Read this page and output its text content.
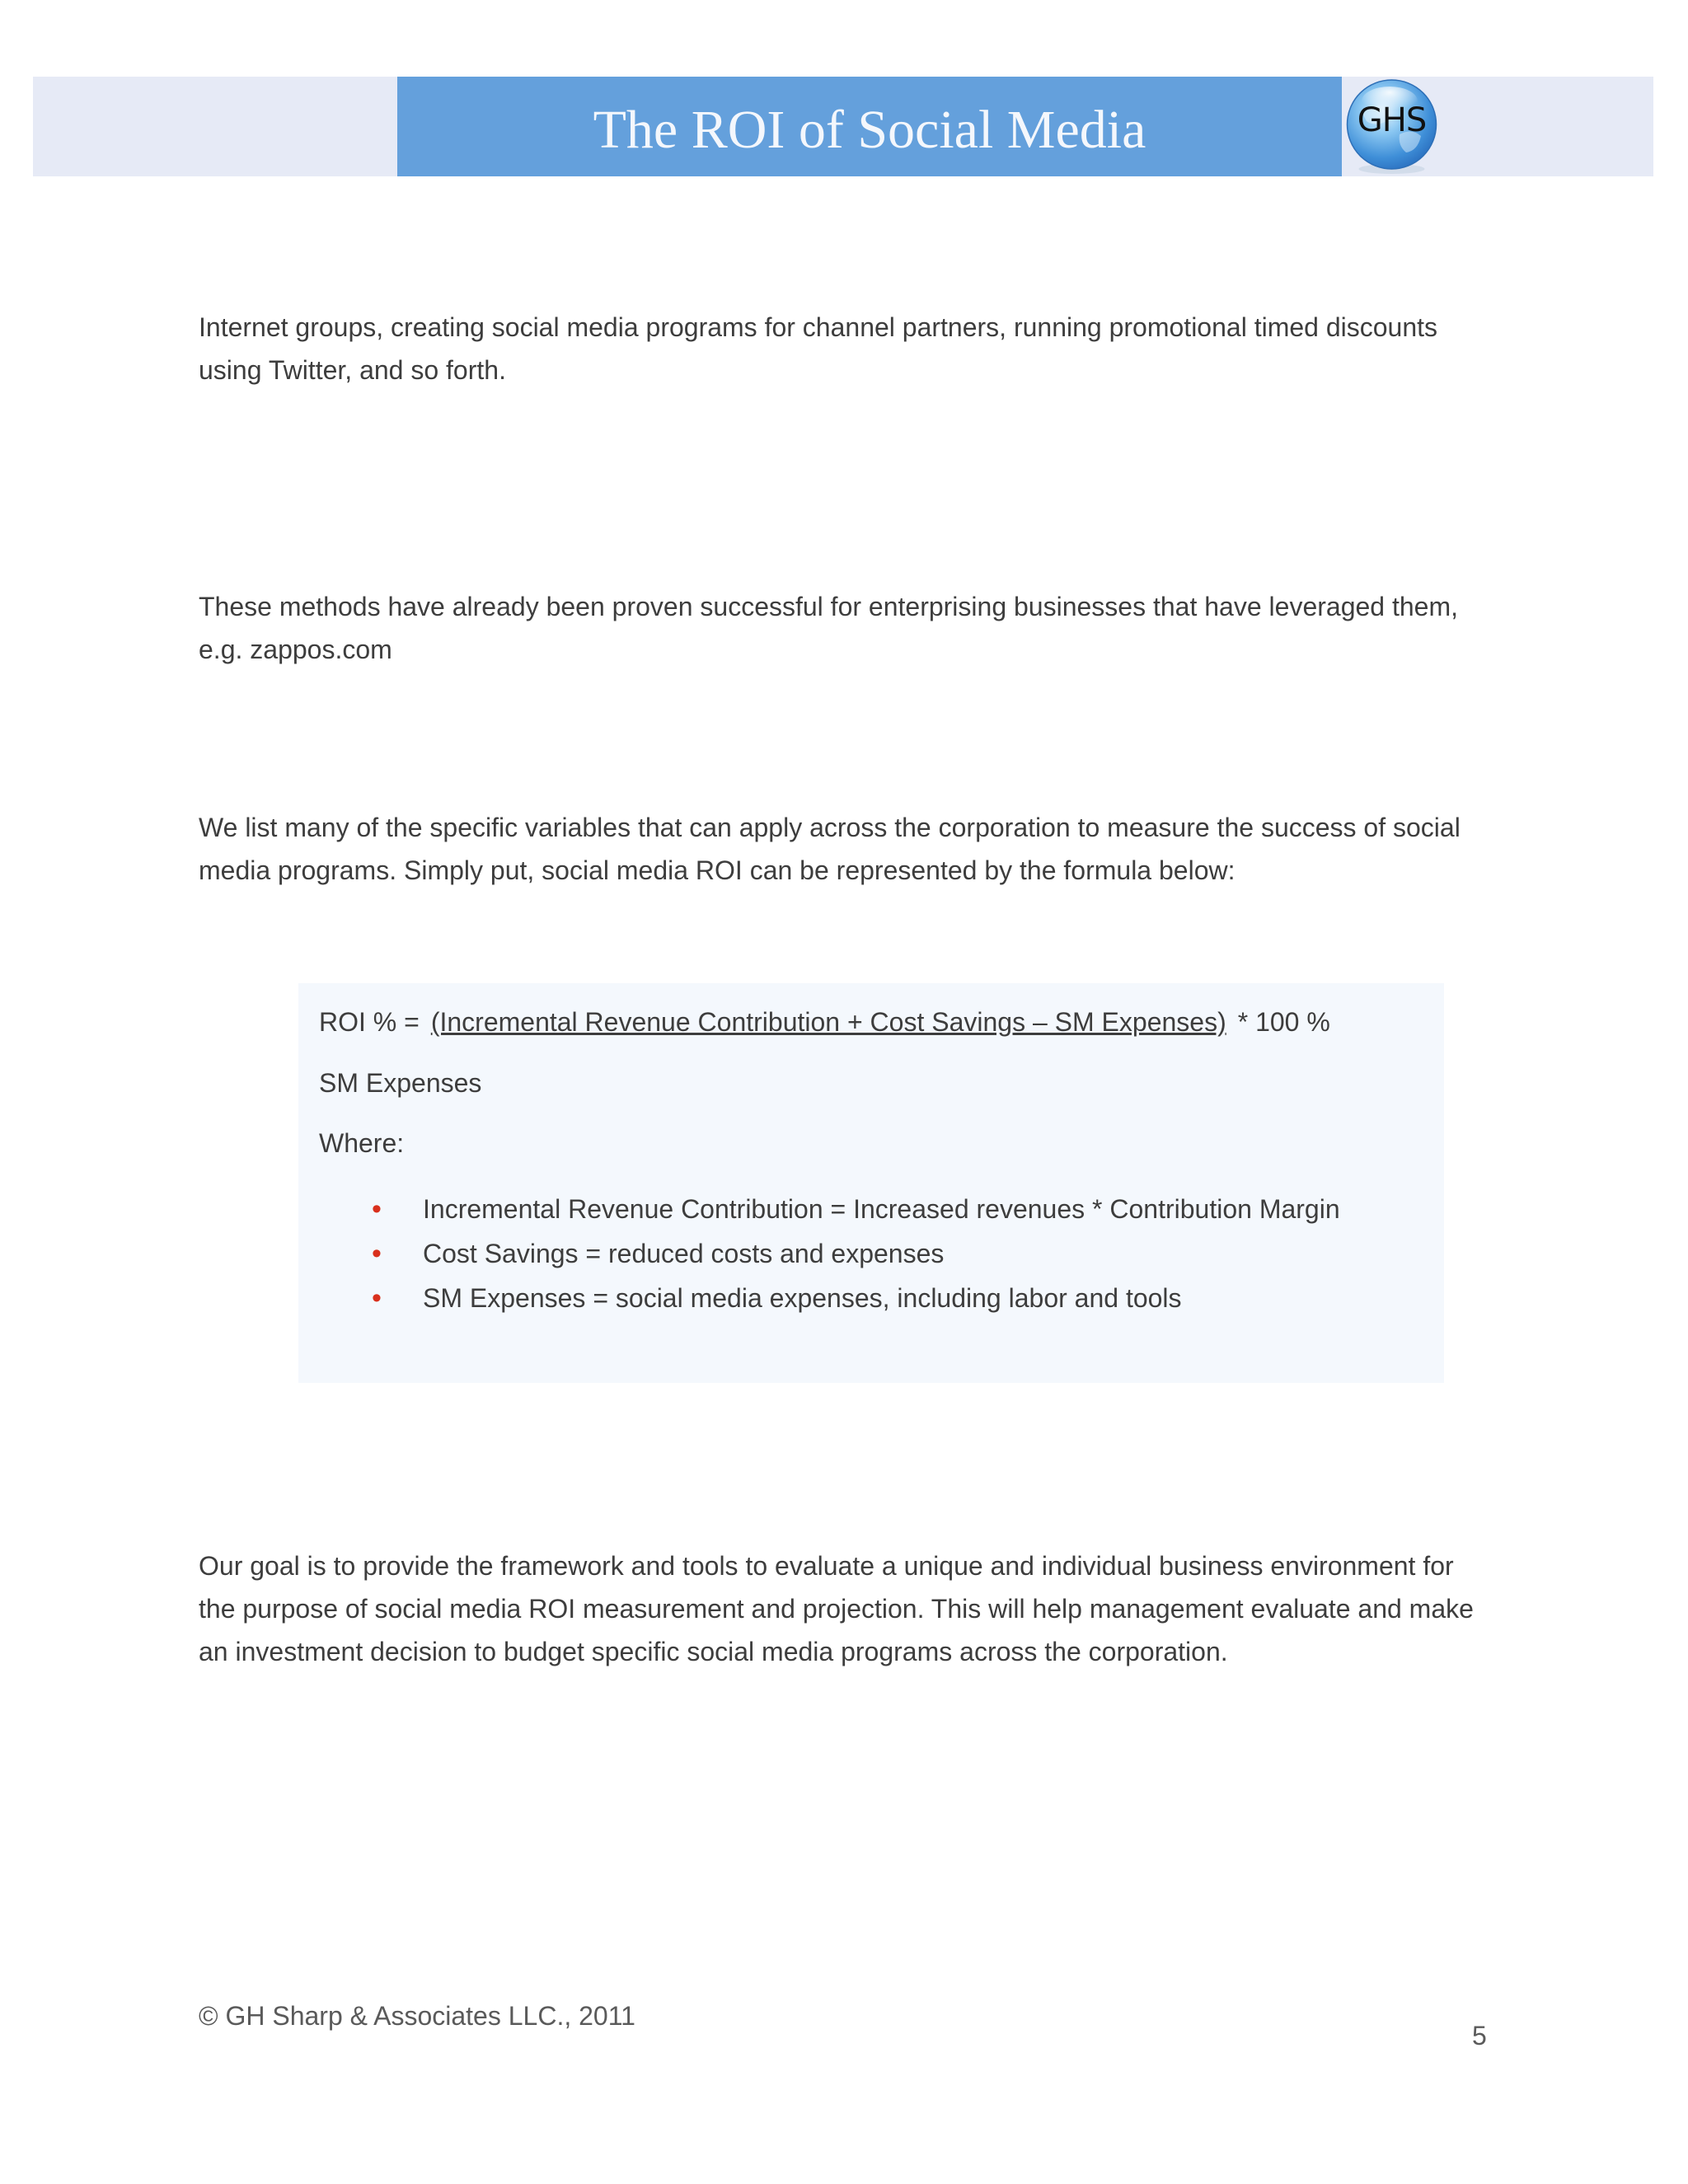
The ROI of Social Media	GHS

Internet groups, creating social media programs for channel partners, running promotional timed discounts using Twitter, and so forth.

These methods have already been proven successful for enterprising businesses that have leveraged them, e.g. zappos.com

We list many of the specific variables that can apply across the corporation to measure the success of social media programs. Simply put, social media ROI can be represented by the formula below:

ROI % = (Incremental Revenue Contribution + Cost Savings – SM Expenses) * 100 %
SM Expenses
Where:
• Incremental Revenue Contribution = Increased revenues * Contribution Margin
• Cost Savings = reduced costs and expenses
• SM Expenses = social media expenses, including labor and tools

Our goal is to provide the framework and tools to evaluate a unique and individual business environment for the purpose of social media ROI measurement and projection. This will help management evaluate and make an investment decision to budget specific social media programs across the corporation.

© GH Sharp & Associates LLC., 2011
5
